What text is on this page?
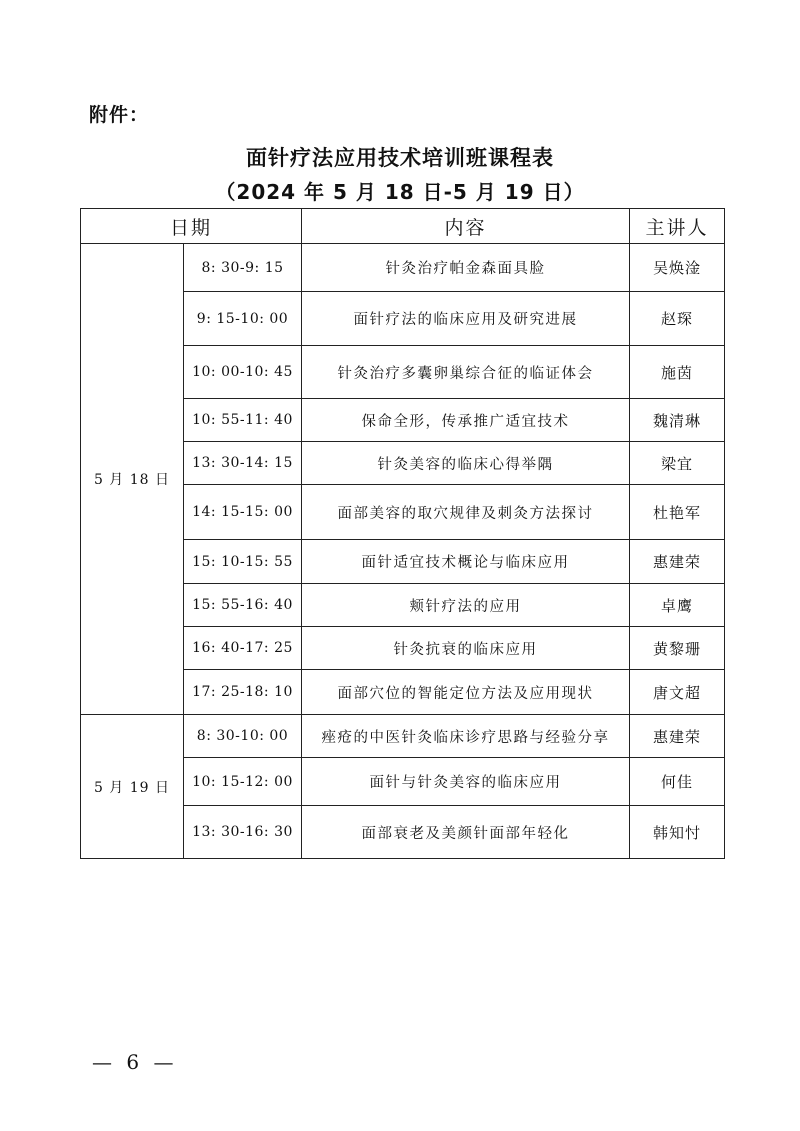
附件：
面针疗法应用技术培训班课程表
（2024 年 5 月 18 日-5 月 19 日）
日期		内容	主讲人
5 月 18 日	8: 30-9: 15	针灸治疗帕金森面具脸	吴焕淦
	9: 15-10: 00	面针疗法的临床应用及研究进展	赵琛
	10: 00-10: 45	针灸治疗多囊卵巢综合征的临证体会	施茵
	10: 55-11: 40	保命全形，传承推广适宜技术	魏清琳
	13: 30-14: 15	针灸美容的临床心得举隅	梁宜
	14: 15-15: 00	面部美容的取穴规律及刺灸方法探讨	杜艳军
	15: 10-15: 55	面针适宜技术概论与临床应用	惠建荣
	15: 55-16: 40	颊针疗法的应用	卓鹰
	16: 40-17: 25	针灸抗衰的临床应用	黄黎珊
	17: 25-18: 10	面部穴位的智能定位方法及应用现状	唐文超
5 月 19 日	8: 30-10: 00	痤疮的中医针灸临床诊疗思路与经验分享	惠建荣
	10: 15-12: 00	面针与针灸美容的临床应用	何佳
	13: 30-16: 30	面部衰老及美颜针面部年轻化	韩知忖
— 6 —
